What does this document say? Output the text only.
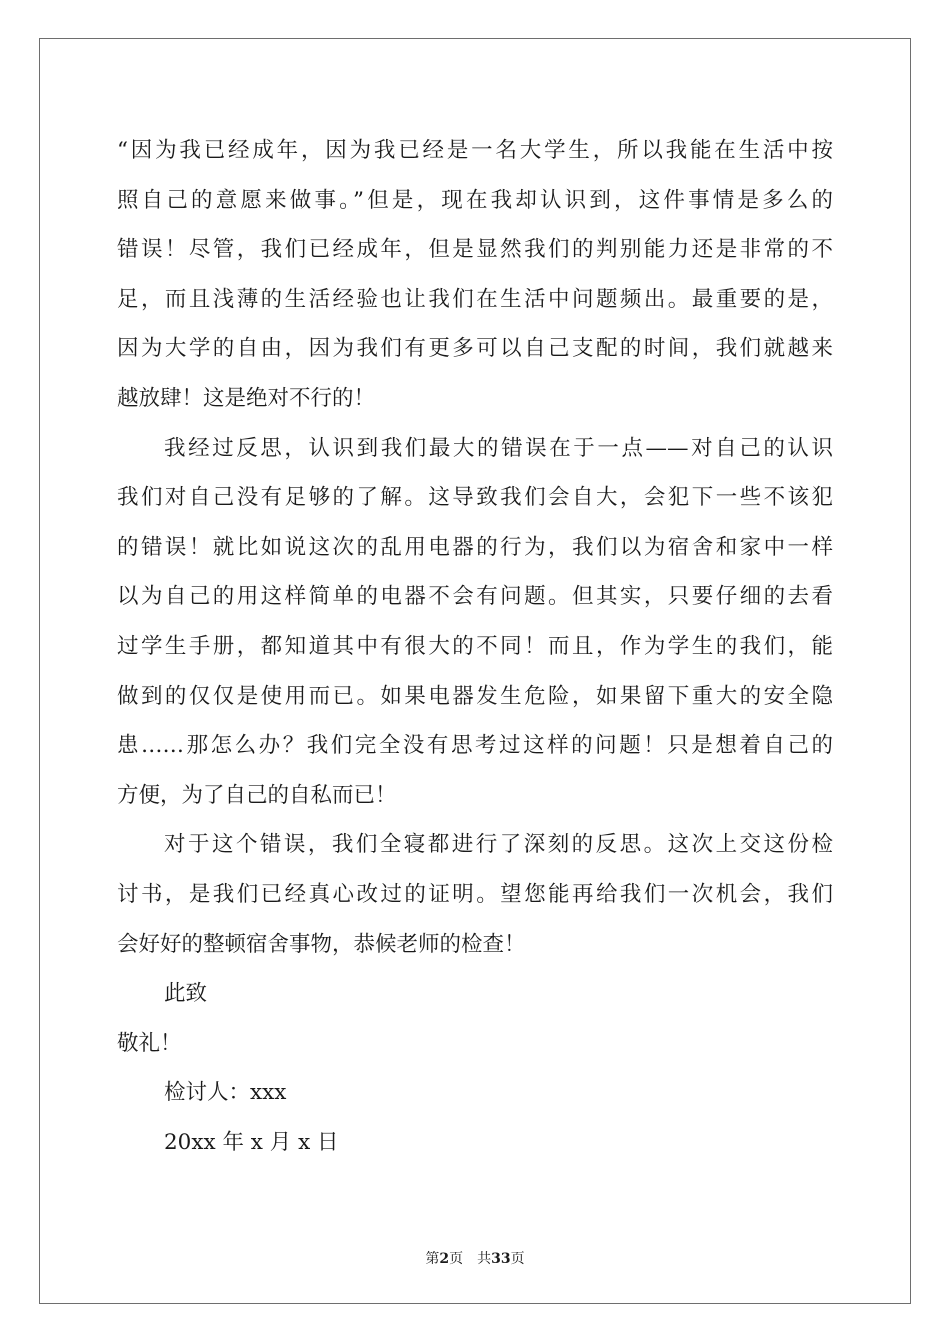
“因为我已经成年，因为我已经是一名大学生，所以我能在生活中按
照自己的意愿来做事。”但是，现在我却认识到，这件事情是多么的
错误！尽管，我们已经成年，但是显然我们的判别能力还是非常的不
足，而且浅薄的生活经验也让我们在生活中问题频出。最重要的是，
因为大学的自由，因为我们有更多可以自己支配的时间，我们就越来
越放肆！这是绝对不行的！
我经过反思，认识到我们最大的错误在于一点——对自己的认识
我们对自己没有足够的了解。这导致我们会自大，会犯下一些不该犯
的错误！就比如说这次的乱用电器的行为，我们以为宿舍和家中一样
以为自己的用这样简单的电器不会有问题。但其实，只要仔细的去看
过学生手册，都知道其中有很大的不同！而且，作为学生的我们，能
做到的仅仅是使用而已。如果电器发生危险，如果留下重大的安全隐
患……那怎么办？我们完全没有思考过这样的问题！只是想着自己的
方便，为了自己的自私而已！
对于这个错误，我们全寝都进行了深刻的反思。这次上交这份检
讨书，是我们已经真心改过的证明。望您能再给我们一次机会，我们
会好好的整顿宿舍事物，恭候老师的检查！
此致
敬礼！
检讨人：xxx
20xx 年 x 月 x 日
第2页 共33页
